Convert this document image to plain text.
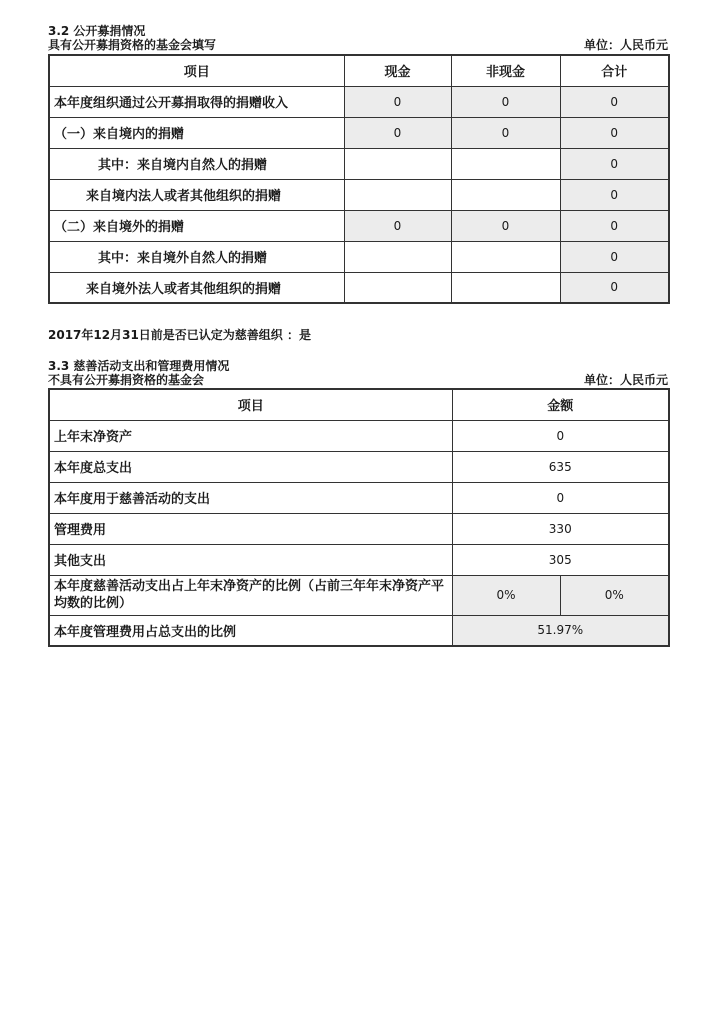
3.2 公开募捐情况
具有公开募捐资格的基金会填写	单位：人民币元
项目	现金	非现金	合计
本年度组织通过公开募捐取得的捐赠收入	0	0	0
（一）来自境内的捐赠	0	0	0
其中：来自境内自然人的捐赠			0
来自境内法人或者其他组织的捐赠			0
（二）来自境外的捐赠	0	0	0
其中：来自境外自然人的捐赠			0
来自境外法人或者其他组织的捐赠			0
2017年12月31日前是否已认定为慈善组织 ：是
3.3 慈善活动支出和管理费用情况
不具有公开募捐资格的基金会	单位：人民币元
项目	金额	
上年末净资产	0	
本年度总支出	635	
本年度用于慈善活动的支出	0	
管理费用	330	
其他支出	305	
本年度慈善活动支出占上年末净资产的比例（占前三年年末净资产平均数的比例）	0%	0%
本年度管理费用占总支出的比例	51.97%	
